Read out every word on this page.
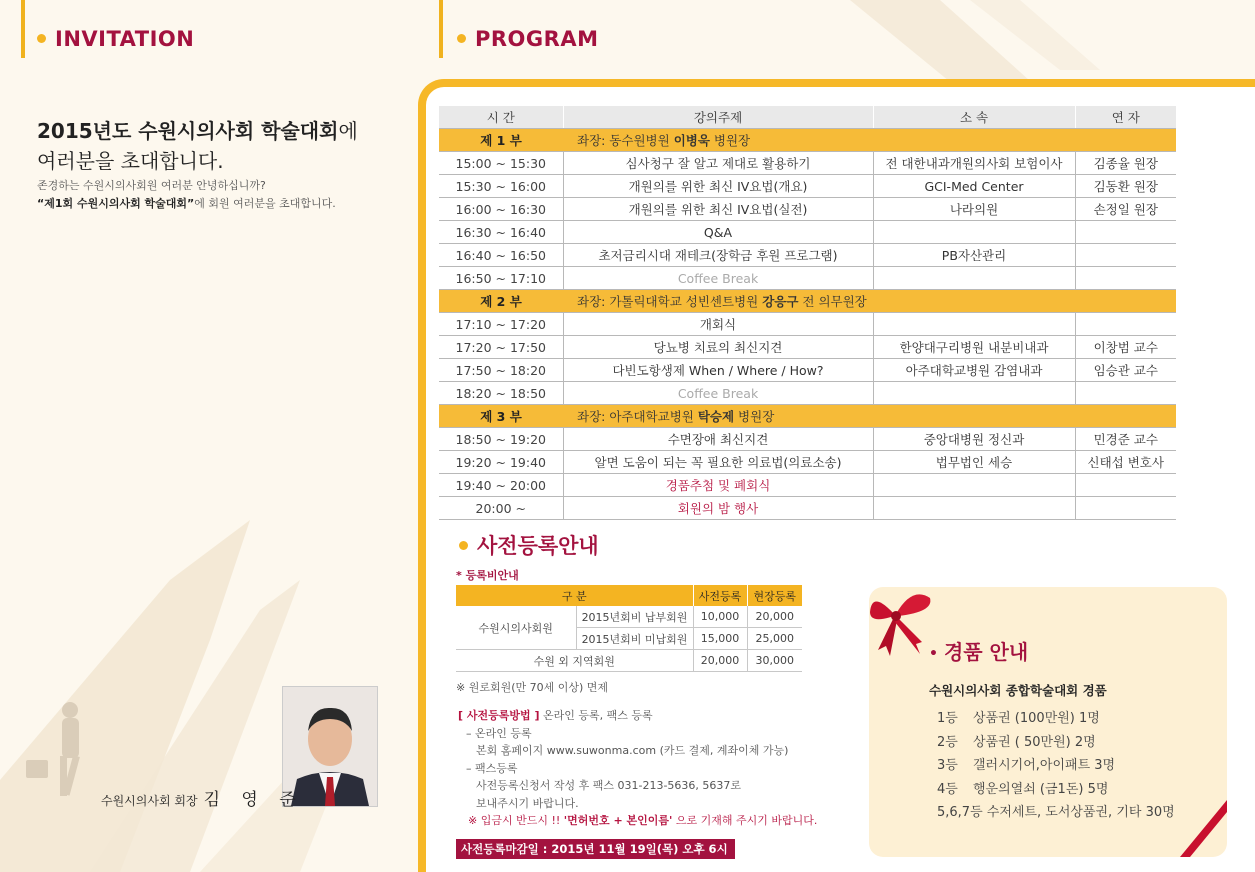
INVITATION	PROGRAM
2015년도 수원시의사회 학술대회에
여러분을 초대합니다.
존경하는 수원시의사회원 여러분 안녕하십니까?
“제1회 수원시의사회 학술대회”에 회원 여러분을 초대합니다.
수원시의사회 회장 김 영 준
시 간	강의주제	소 속	연 자
제 1 부	좌장: 동수원병원 이병욱 병원장		
15:00 ~ 15:30	심사청구 잘 알고 제대로 활용하기	전 대한내과개원의사회 보험이사	김종율 원장
15:30 ~ 16:00	개원의를 위한 최신 IV요법(개요)	GCI-Med Center	김동환 원장
16:00 ~ 16:30	개원의를 위한 최신 IV요법(실전)	나라의원	손정일 원장
16:30 ~ 16:40	Q&A		
16:40 ~ 16:50	초저금리시대 재테크(장학금 후원 프로그램)	PB자산관리	
16:50 ~ 17:10	Coffee Break		
제 2 부	좌장: 가톨릭대학교 성빈센트병원 강응구 전 의무원장		
17:10 ~ 17:20	개회식		
17:20 ~ 17:50	당뇨병 치료의 최신지견	한양대구리병원 내분비내과	이창범 교수
17:50 ~ 18:20	다빈도항생제 When / Where / How?	아주대학교병원 감염내과	임승관 교수
18:20 ~ 18:50	Coffee Break		
제 3 부	좌장: 아주대학교병원 탁승제 병원장		
18:50 ~ 19:20	수면장애 최신지견	중앙대병원 정신과	민경준 교수
19:20 ~ 19:40	알면 도움이 되는 꼭 필요한 의료법(의료소송)	법무법인 세승	신태섭 변호사
19:40 ~ 20:00	경품추첨 및 폐회식		
20:00 ~	회원의 밤 행사		
사전등록안내
* 등록비안내
구 분		사전등록	현장등록
수원시의사회원	2015년회비 납부회원	10,000	20,000
	2015년회비 미납회원	15,000	25,000
수원 외 지역회원		20,000	30,000
※ 원로회원(만 70세 이상) 면제
[ 사전등록방법 ] 온라인 등록, 팩스 등록
– 온라인 등록
본회 홈페이지 www.suwonma.com (카드 결제, 계좌이체 가능)
– 팩스등록
사전등록신청서 작성 후 팩스 031-213-5636, 5637로
보내주시기 바랍니다.
※ 입금시 반드시 !! '면허번호 + 본인이름' 으로 기재해 주시기 바랍니다.
사전등록마감일 : 2015년 11월 19일(목) 오후 6시
• 경품 안내
수원시의사회 종합학술대회 경품
1등 상품권 (100만원) 1명
2등 상품권 ( 50만원) 2명
3등 갤러시기어,아이패트 3명
4등 행운의열쇠 (금1돈) 5명
5,6,7등 수저세트, 도서상품권, 기타 30명
